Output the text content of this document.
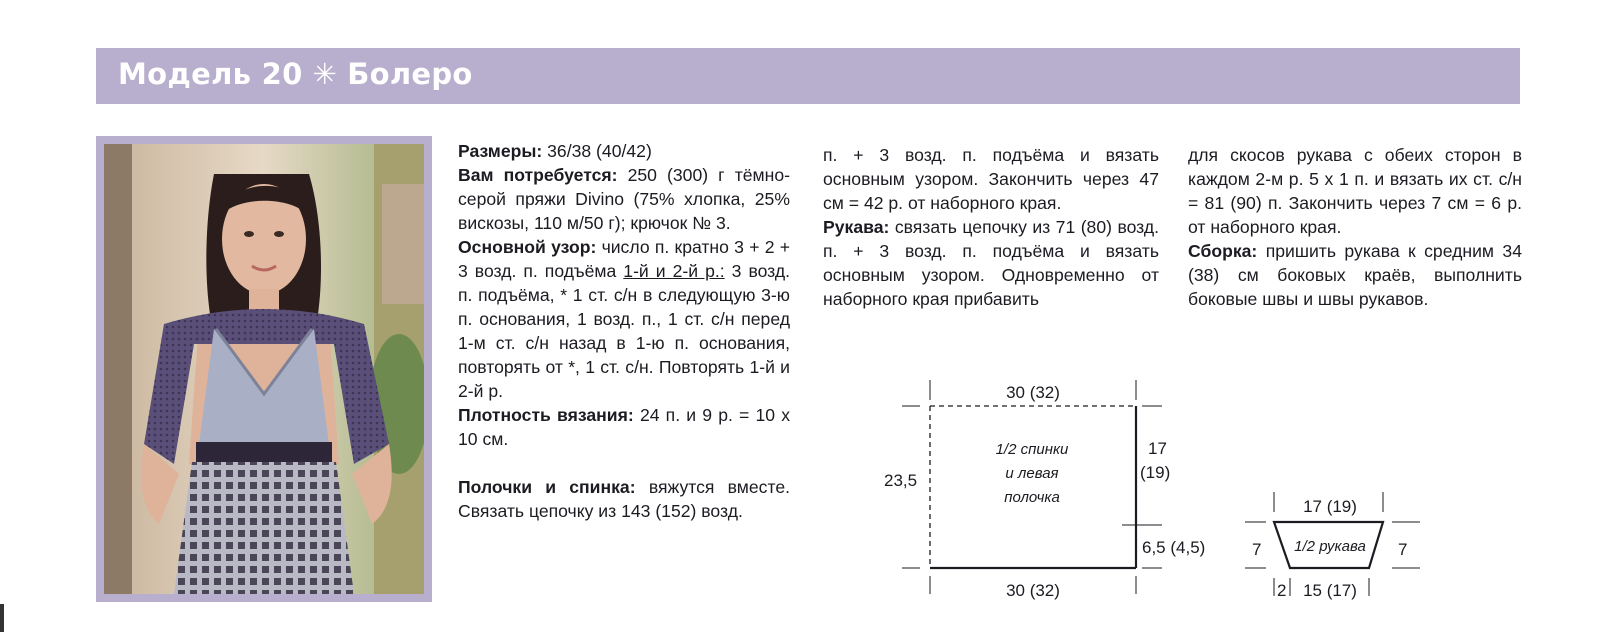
Модель 20 ✳ Болеро

Размеры: 36/38 (40/42)

Вам потребуется: 250 (300) г тёмно-серой пряжи Divino (75% хлопка, 25% вискозы, 110 м/50 г); крючок № 3.

Основной узор: число п. кратно 3 + 2 + 3 возд. п. подъёма 1-й и 2-й р.: 3 возд. п. подъёма, * 1 ст. с/н в следующую 3-ю п. основания, 1 возд. п., 1 ст. с/н перед 1-м ст. с/н назад в 1-ю п. основания, повторять от *, 1 ст. с/н. Повторять 1-й и 2-й р.

Плотность вязания: 24 п. и 9 р. = 10 х 10 см.

Полочки и спинка: вяжутся вместе. Связать цепочку из 143 (152) возд.

п. + 3 возд. п. подъёма и вязать основным узором. Закончить через 47 см = 42 р. от наборного края.

Рукава: связать цепочку из 71 (80) возд. п. + 3 возд. п. подъёма и вязать основным узором. Одновременно от наборного края прибавить

для скосов рукава с обеих сторон в каждом 2-м р. 5 х 1 п. и вязать их ст. с/н = 81 (90) п. Закончить через 7 см = 6 р. от наборного края.

Сборка: пришить рукава к средним 34 (38) см боковых краёв, выполнить боковые швы и швы рукавов.

30 (32)
30 (32)
23,5
17
(19)
6,5 (4,5)
1/2 спинки
и левая
полочка	17 (19)
7	7
1/2 рукава
2 15 (17)
